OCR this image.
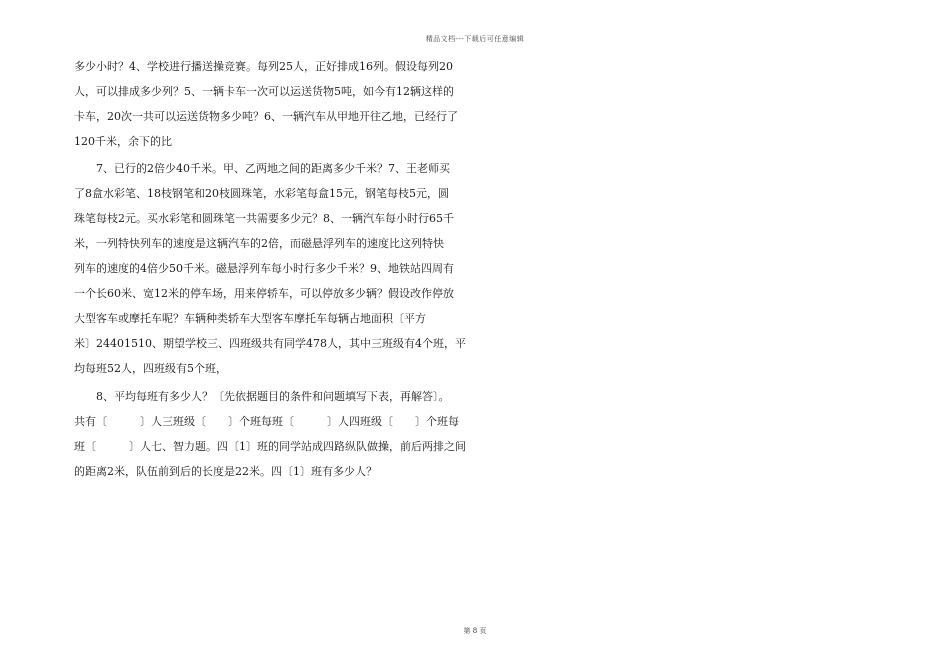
精品文档---下载后可任意编辑
多少小时？4、学校进行播送操竞赛。每列25人，正好排成16列。假设每列20
人，可以排成多少列？5、一辆卡车一次可以运送货物5吨，如今有12辆这样的
卡车，20次一共可以运送货物多少吨？6、一辆汽车从甲地开往乙地，已经行了
120千米，余下的比
　　7、已行的2倍少40千米。甲、乙两地之间的距离多少千米？7、王老师买
了8盒水彩笔、18枝钢笔和20枝圆珠笔，水彩笔每盒15元，钢笔每枝5元，圆
珠笔每枝2元。买水彩笔和圆珠笔一共需要多少元？8、一辆汽车每小时行65千
米，一列特快列车的速度是这辆汽车的2倍，而磁悬浮列车的速度比这列特快
列车的速度的4倍少50千米。磁悬浮列车每小时行多少千米？9、地铁站四周有
一个长60米、宽12米的停车场，用来停轿车，可以停放多少辆？假设改作停放
大型客车或摩托车呢？车辆种类轿车大型客车摩托车每辆占地面积〔平方
米〕24401510、期望学校三、四班级共有同学478人，其中三班级有4个班，平
均每班52人，四班级有5个班，
　　8、平均每班有多少人？〔先依据题目的条件和问题填写下表，再解答〕。
共有〔　　　〕人三班级〔　　〕个班每班〔　　　〕人四班级〔　　〕个班每
班〔　　　〕人七、智力题。四〔1〕班的同学站成四路纵队做操，前后两排之间
的距离2米，队伍前到后的长度是22米。四〔1〕班有多少人？
第 8 页
